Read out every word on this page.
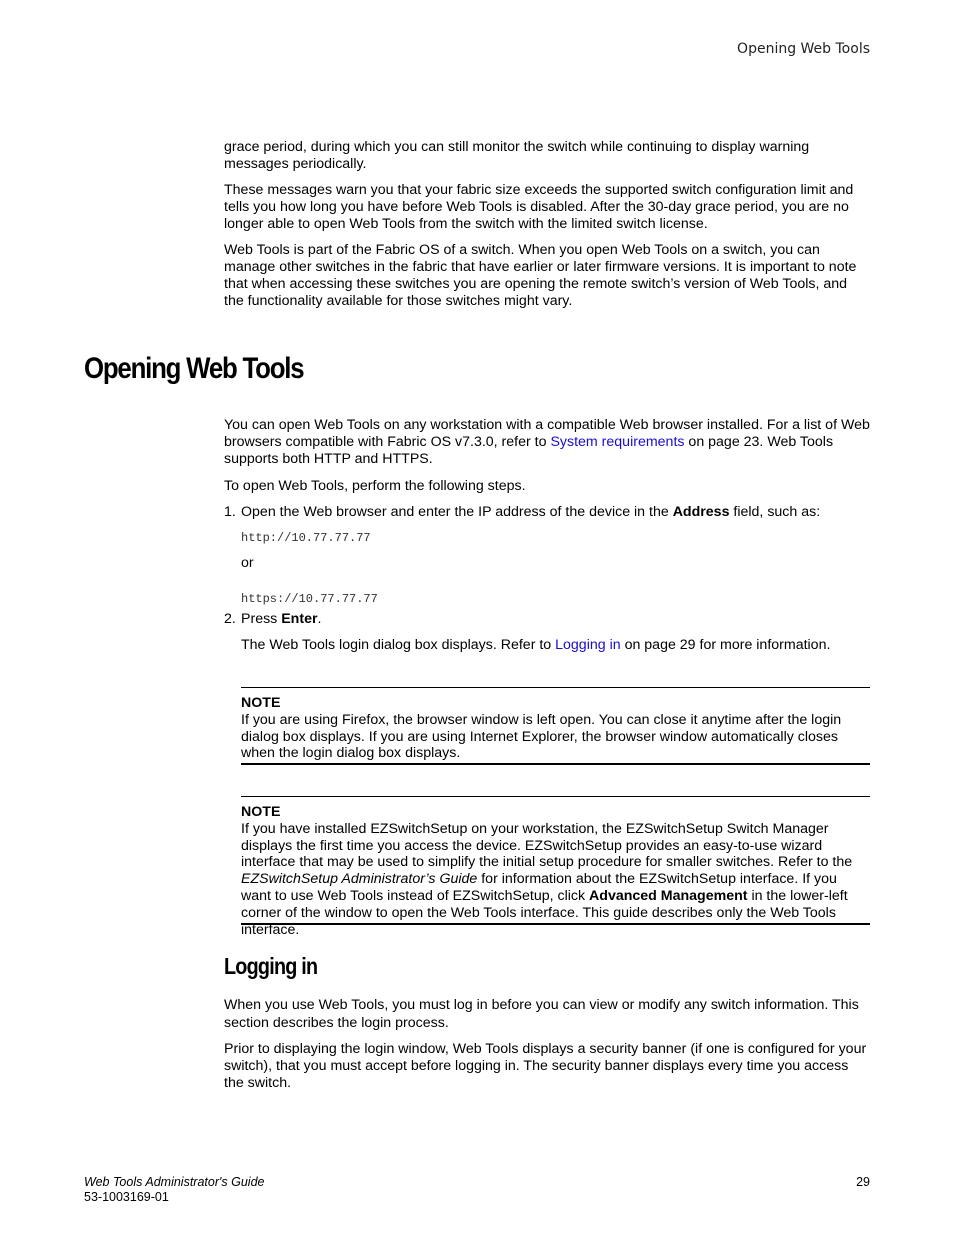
Opening Web Tools

grace period, during which you can still monitor the switch while continuing to display warning messages periodically.

These messages warn you that your fabric size exceeds the supported switch configuration limit and tells you how long you have before Web Tools is disabled. After the 30-day grace period, you are no longer able to open Web Tools from the switch with the limited switch license.

Web Tools is part of the Fabric OS of a switch. When you open Web Tools on a switch, you can manage other switches in the fabric that have earlier or later firmware versions. It is important to note that when accessing these switches you are opening the remote switch’s version of Web Tools, and the functionality available for those switches might vary.

Opening Web Tools

You can open Web Tools on any workstation with a compatible Web browser installed. For a list of Web browsers compatible with Fabric OS v7.3.0, refer to System requirements on page 23. Web Tools supports both HTTP and HTTPS.

To open Web Tools, perform the following steps.

1. Open the Web browser and enter the IP address of the device in the Address field, such as:
http://10.77.77.77
or
https://10.77.77.77
2. Press Enter.
The Web Tools login dialog box displays. Refer to Logging in on page 29 for more information.
NOTE
If you are using Firefox, the browser window is left open. You can close it anytime after the login dialog box displays. If you are using Internet Explorer, the browser window automatically closes when the login dialog box displays.
NOTE
If you have installed EZSwitchSetup on your workstation, the EZSwitchSetup Switch Manager displays the first time you access the device. EZSwitchSetup provides an easy-to-use wizard interface that may be used to simplify the initial setup procedure for smaller switches. Refer to the EZSwitchSetup Administrator’s Guide for information about the EZSwitchSetup interface. If you want to use Web Tools instead of EZSwitchSetup, click Advanced Management in the lower-left corner of the window to open the Web Tools interface. This guide describes only the Web Tools interface.
Logging in

When you use Web Tools, you must log in before you can view or modify any switch information. This section describes the login process.

Prior to displaying the login window, Web Tools displays a security banner (if one is configured for your switch), that you must accept before logging in. The security banner displays every time you access the switch.

Web Tools Administrator's Guide
53-1003169-01
29
